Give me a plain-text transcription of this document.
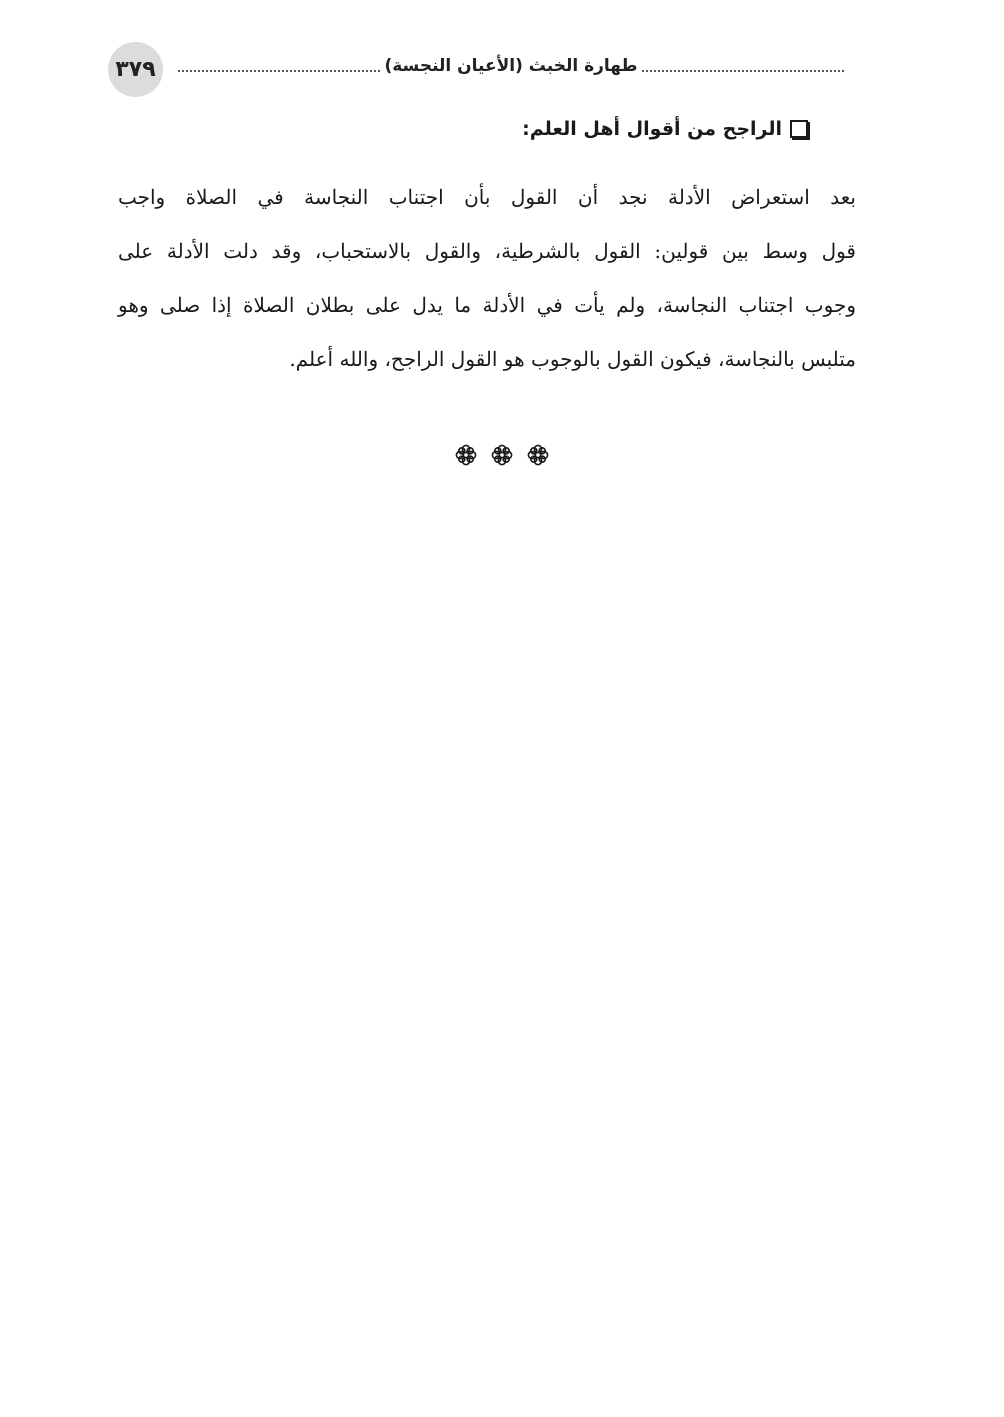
٣٧٩	طهارة الخبث (الأعيان النجسة)
الراجح من أقوال أهل العلم:
بعد استعراض الأدلة نجد أن القول بأن اجتناب النجاسة في الصلاة واجب
قول وسط بين قولين: القول بالشرطية، والقول بالاستحباب، وقد دلت الأدلة على
وجوب اجتناب النجاسة، ولم يأت في الأدلة ما يدل على بطلان الصلاة إذا صلى وهو
متلبس بالنجاسة، فيكون القول بالوجوب هو القول الراجح، والله أعلم.
